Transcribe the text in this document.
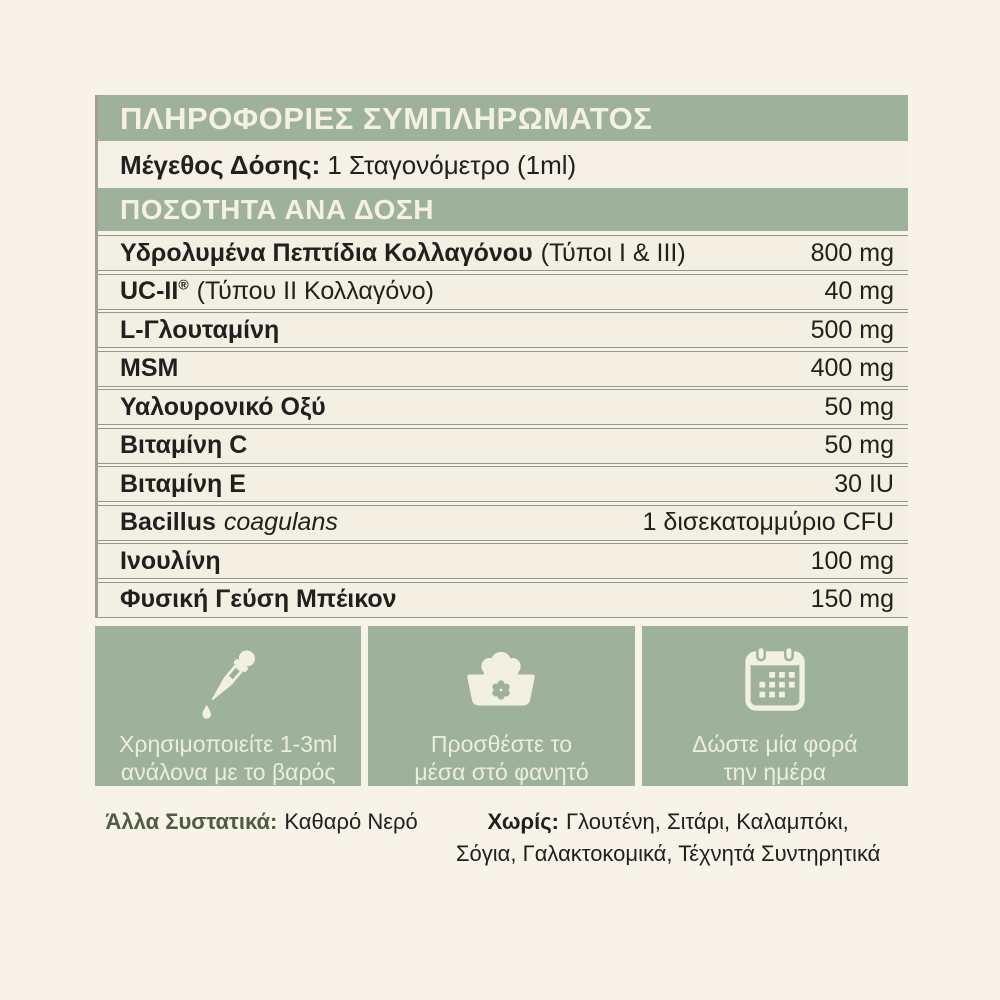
ΠΛΗΡΟΦΟΡΙΕΣ ΣΥΜΠΛΗΡΩΜΑΤΟΣ
Μέγεθος Δόσης: 1 Σταγονόμετρο (1ml)
ΠΟΣΟΤΗΤΑ ΑΝΑ ΔΟΣΗ
Υδρολυμένα Πεπτίδια Κολλαγόνου (Τύποι I & III)	800 mg
UC-II® (Τύπου II Κολλαγόνο)	40 mg
L-Γλουταμίνη	500 mg
MSM	400 mg
Υαλουρονικό Οξύ	50 mg
Βιταμίνη C	50 mg
Βιταμίνη E	30 IU
Bacillus coagulans	1 δισεκατομμύριο CFU
Ινουλίνη	100 mg
Φυσική Γεύση Μπέικον	150 mg
Χρησιμοποιείτε 1-3ml
ανάλονα με το βαρός
Προσθέστε το
μέσα στό φανητό
Δώστε μία φορά
την ημέρα
Άλλα Συστατικά: Καθαρό Νερό	Χωρίς: Γλουτένη, Σιτάρι, Καλαμπόκι,
Σόγια, Γαλακτοκομικά, Τέχνητά Συντηρητικά
